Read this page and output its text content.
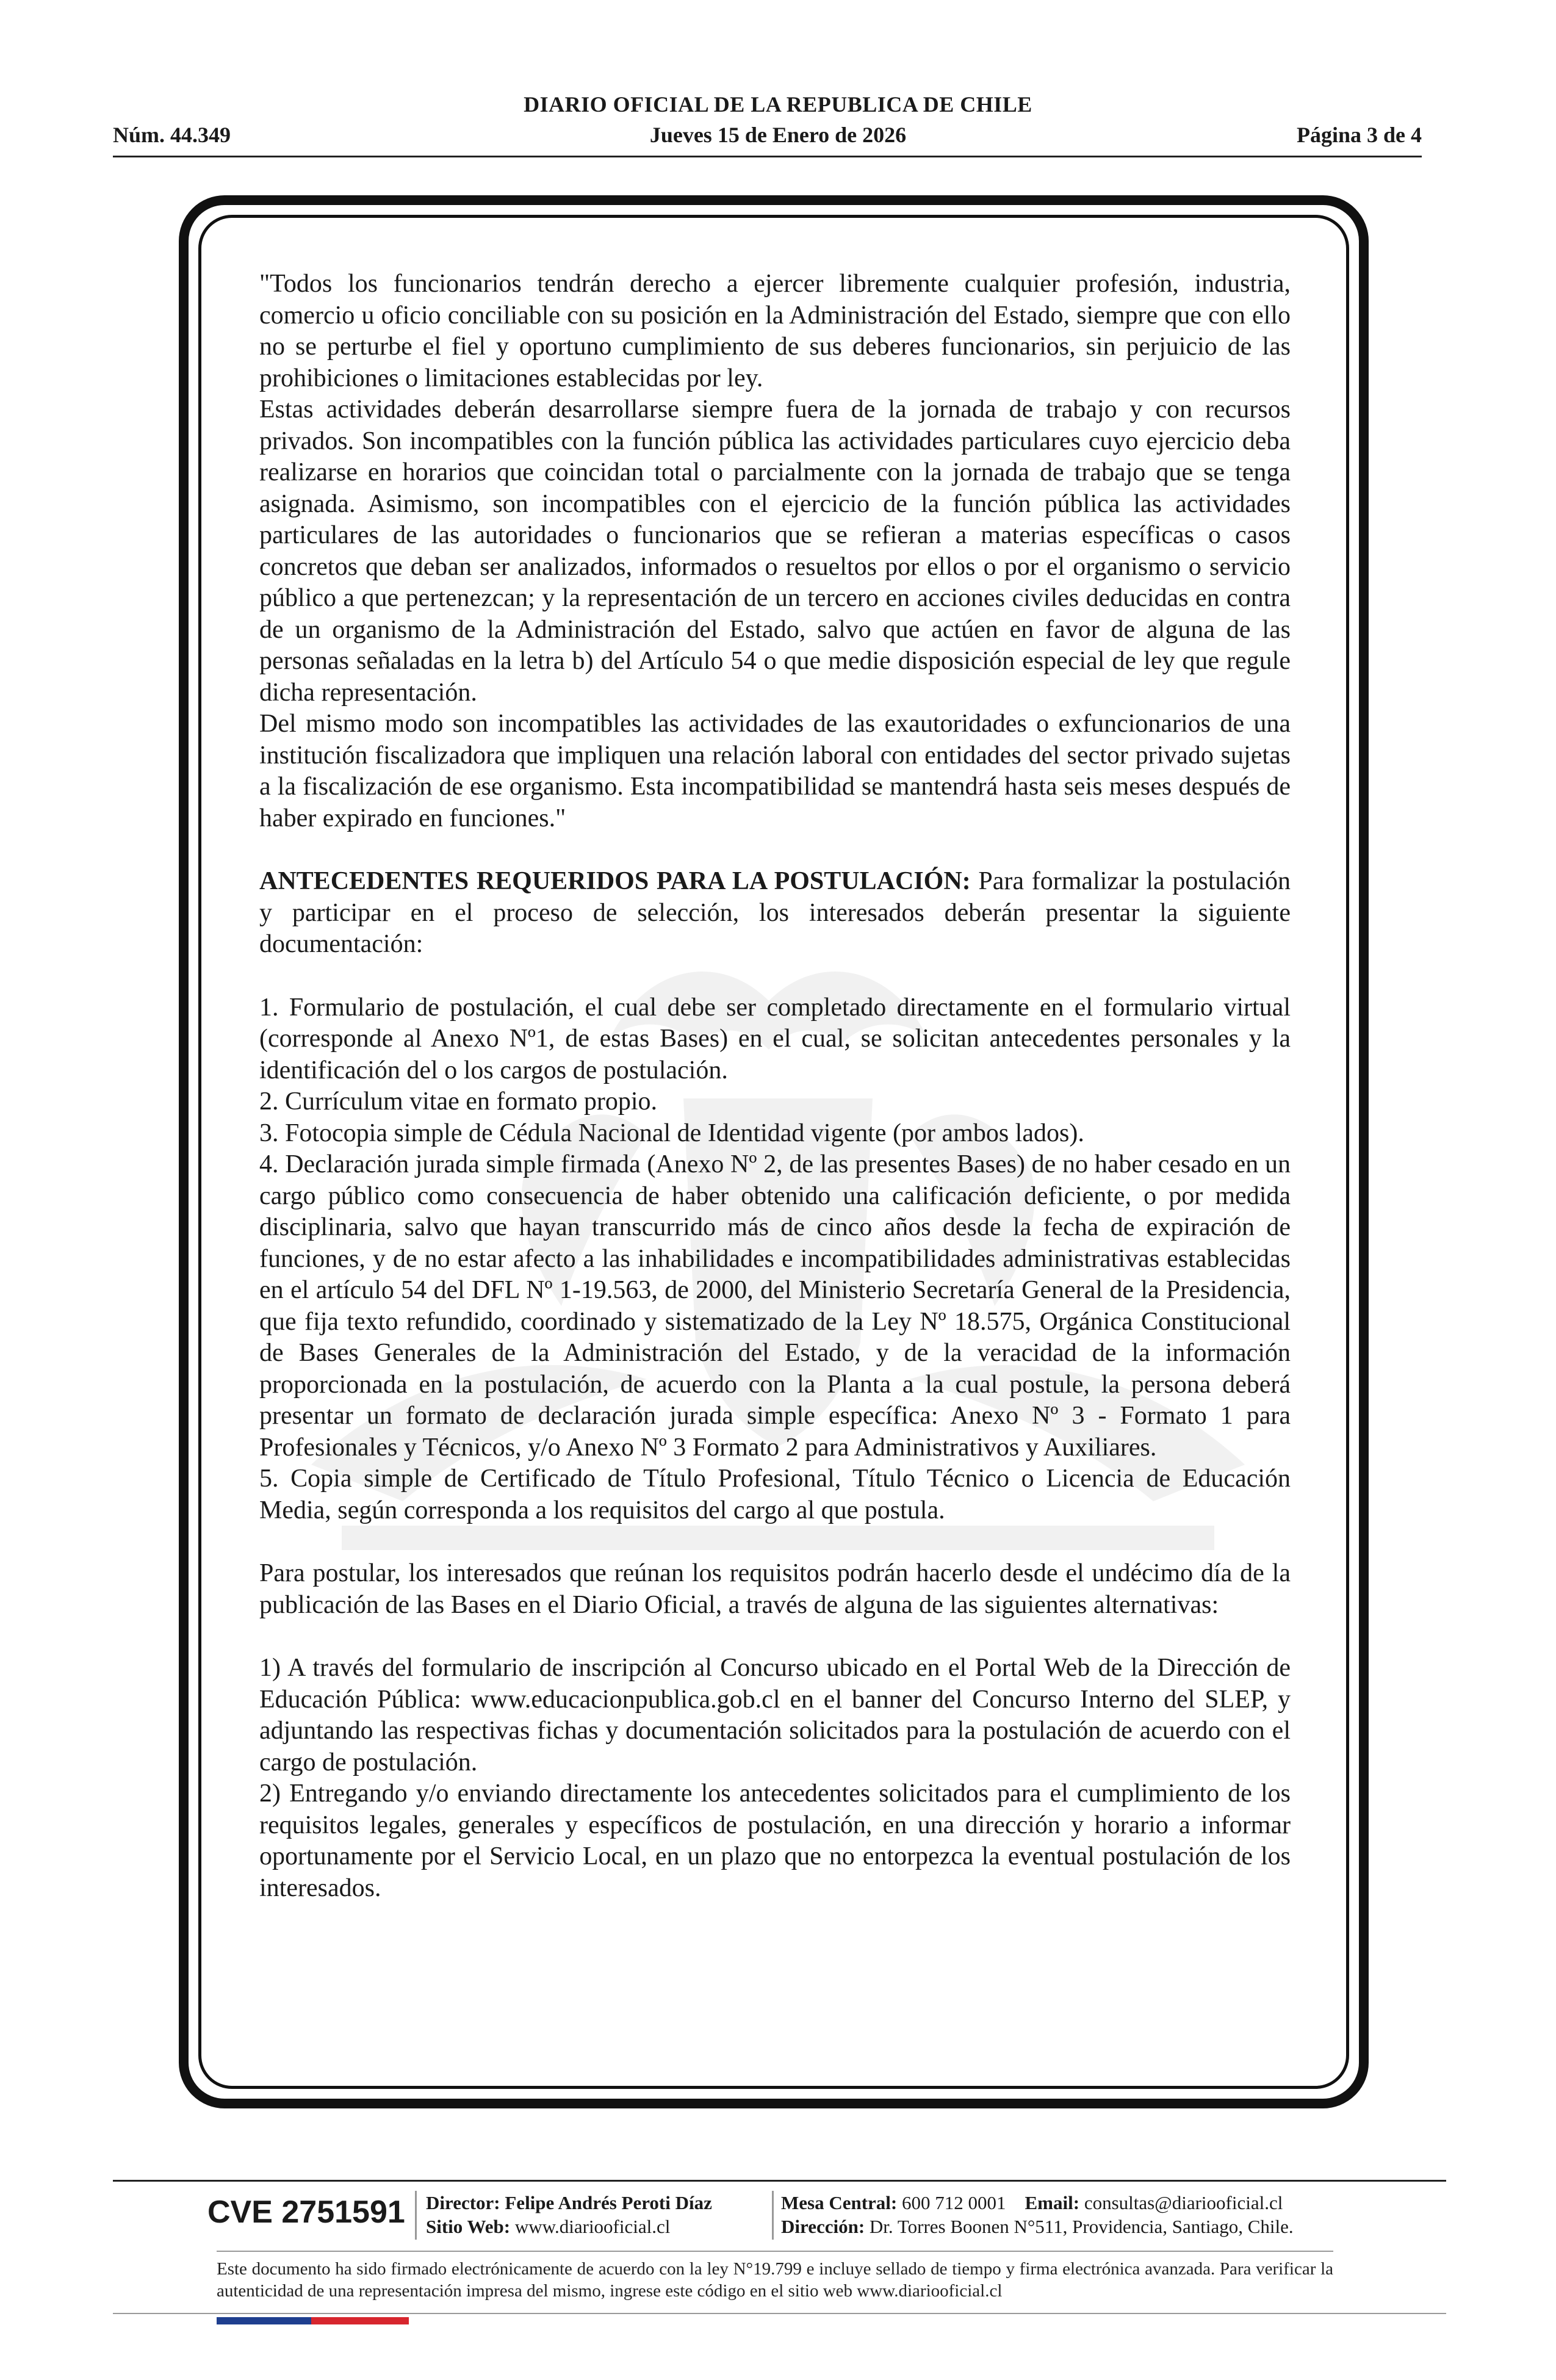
DIARIO OFICIAL DE LA REPUBLICA DE CHILE
Núm. 44.349	Jueves 15 de Enero de 2026	Página 3 de 4

"Todos los funcionarios tendrán derecho a ejercer libremente cualquier profesión, industria, comercio u oficio conciliable con su posición en la Administración del Estado, siempre que con ello no se perturbe el fiel y oportuno cumplimiento de sus deberes funcionarios, sin perjuicio de las prohibiciones o limitaciones establecidas por ley.

Estas actividades deberán desarrollarse siempre fuera de la jornada de trabajo y con recursos privados. Son incompatibles con la función pública las actividades particulares cuyo ejercicio deba realizarse en horarios que coincidan total o parcialmente con la jornada de trabajo que se tenga asignada. Asimismo, son incompatibles con el ejercicio de la función pública las actividades particulares de las autoridades o funcionarios que se refieran a materias específicas o casos concretos que deban ser analizados, informados o resueltos por ellos o por el organismo o servicio público a que pertenezcan; y la representación de un tercero en acciones civiles deducidas en contra de un organismo de la Administración del Estado, salvo que actúen en favor de alguna de las personas señaladas en la letra b) del Artículo 54 o que medie disposición especial de ley que regule dicha representación.

Del mismo modo son incompatibles las actividades de las exautoridades o exfuncionarios de una institución fiscalizadora que impliquen una relación laboral con entidades del sector privado sujetas a la fiscalización de ese organismo. Esta incompatibilidad se mantendrá hasta seis meses después de haber expirado en funciones."

ANTECEDENTES REQUERIDOS PARA LA POSTULACIÓN: Para formalizar la postulación y participar en el proceso de selección, los interesados deberán presentar la siguiente documentación:

1. Formulario de postulación, el cual debe ser completado directamente en el formulario virtual (corresponde al Anexo Nº1, de estas Bases) en el cual, se solicitan antecedentes personales y la identificación del o los cargos de postulación.

2. Currículum vitae en formato propio.

3. Fotocopia simple de Cédula Nacional de Identidad vigente (por ambos lados).

4. Declaración jurada simple firmada (Anexo Nº 2, de las presentes Bases) de no haber cesado en un cargo público como consecuencia de haber obtenido una calificación deficiente, o por medida disciplinaria, salvo que hayan transcurrido más de cinco años desde la fecha de expiración de funciones, y de no estar afecto a las inhabilidades e incompatibilidades administrativas establecidas en el artículo 54 del DFL Nº 1-19.563, de 2000, del Ministerio Secretaría General de la Presidencia, que fija texto refundido, coordinado y sistematizado de la Ley Nº 18.575, Orgánica Constitucional de Bases Generales de la Administración del Estado, y de la veracidad de la información proporcionada en la postulación, de acuerdo con la Planta a la cual postule, la persona deberá presentar un formato de declaración jurada simple específica: Anexo Nº 3 - Formato 1 para Profesionales y Técnicos, y/o Anexo Nº 3 Formato 2 para Administrativos y Auxiliares.

5. Copia simple de Certificado de Título Profesional, Título Técnico o Licencia de Educación Media, según corresponda a los requisitos del cargo al que postula.

Para postular, los interesados que reúnan los requisitos podrán hacerlo desde el undécimo día de la publicación de las Bases en el Diario Oficial, a través de alguna de las siguientes alternativas:

1) A través del formulario de inscripción al Concurso ubicado en el Portal Web de la Dirección de Educación Pública: www.educacionpublica.gob.cl en el banner del Concurso Interno del SLEP, y adjuntando las respectivas fichas y documentación solicitados para la postulación de acuerdo con el cargo de postulación.

2) Entregando y/o enviando directamente los antecedentes solicitados para el cumplimiento de los requisitos legales, generales y específicos de postulación, en una dirección y horario a informar oportunamente por el Servicio Local, en un plazo que no entorpezca la eventual postulación de los interesados.

CVE 2751591 Director: Felipe Andrés Peroti Díaz
Sitio Web: www.diariooficial.cl
Mesa Central: 600 712 0001 Email: consultas@diariooficial.cl
Dirección: Dr. Torres Boonen N°511, Providencia, Santiago, Chile.
Este documento ha sido firmado electrónicamente de acuerdo con la ley N°19.799 e incluye sellado de tiempo y firma electrónica avanzada. Para verificar la autenticidad de una representación impresa del mismo, ingrese este código en el sitio web www.diariooficial.cl
